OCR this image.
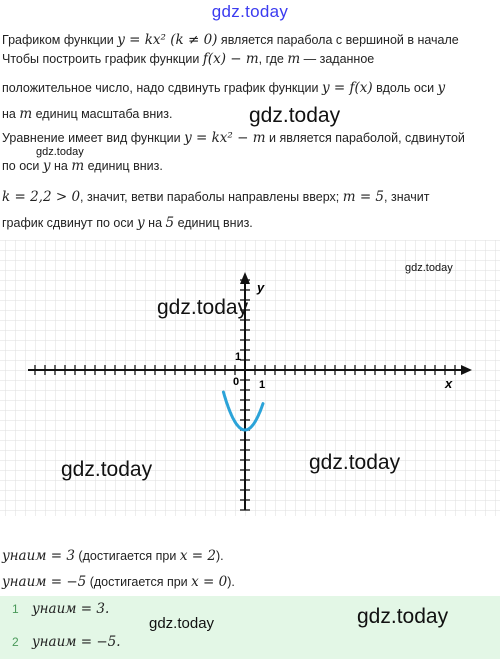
gdz.today

Графиком функции y = kx² (k ≠ 0) является парабола с вершиной в начале

Чтобы построить график функции f(x) − m, где m — заданное

положительное число, надо сдвинуть график функции y = f(x) вдоль оси y

на m единиц масштаба вниз.

Уравнение имеет вид функции y = kx² − m и является параболой, сдвинутой

по оси y на m единиц вниз.

k = 2,2 > 0, значит, ветви параболы направлены вверх; m = 5, значит

график сдвинут по оси y на 5 единиц вниз.

x
y
0 1
1
yнаим = 3 (достигается при x = 2).
yнаим = −5 (достигается при x = 0).
1 yнаим = 3.
2 yнаим = −5.
gdz.today
gdz.today
gdz.today
gdz.today
gdz.today
gdz.today
gdz.today	gdz.today
